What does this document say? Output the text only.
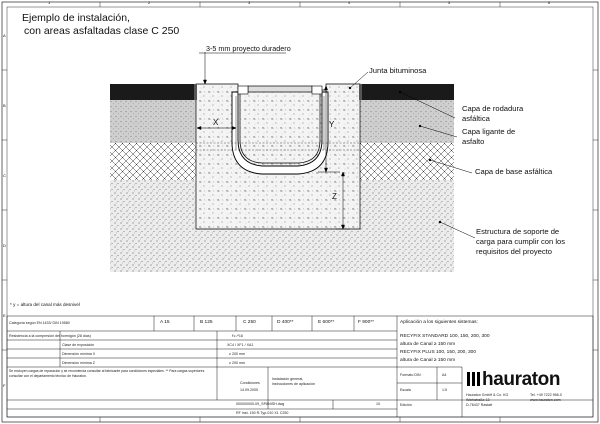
1	2	3	4	5	6
A
B
C
D
E
F
Ejemplo de instalación,
con areas asfaltadas clase C 250
3-5 mm proyecto duradero
Junta bituminosa
Capa de rodadura
asfáltica
Capa ligante de
asfalto
Capa de base asfáltica
Estructura de soporte de
carga para cumplir con los
requisitos del proyecto
X	Y
Z
* y = altura del canal más desnivel
Categoría según EN 1433/ DIN 19580	A 15	B 125	C 250	D 400**	E 600**	F 900**
Resistencia a la compresión del hormigón (28 días)	f'c /*16
Clase de exposición	XC4 / XF1 / XA1
Dimensión mínima X	≥ 200 mm
Dimensión mínima Z	≥ 200 mm
Aplicación a los siguientes sistemas:
RECYFIX STANDARD 100, 150, 200, 300
altura de Canal ≥ 150 mm
RECYFIX PLUS 100, 150, 200, 300
altura de Canal ≥ 150 mm
Se excluyen cargas de reparación y se recomienda consultar al fabricante para condiciones especiales. ** Para cargas superiores consultar con el departamento técnico de Hauraton.
Condiciones
14.09.2005
Instalación general,
instrucciones de aplicación
000000000-09_SPANISH.dwg	10
RF Inst. 150 R-Typ-010 X1 C250
Formato DIN	A4
Escala	1:5
Edición
hauraton
Hauraton GmbH & Co. KG
Werkstraße 13
D-76437 Rastatt
Tel. +49 7222 958-0
www.hauraton.com
